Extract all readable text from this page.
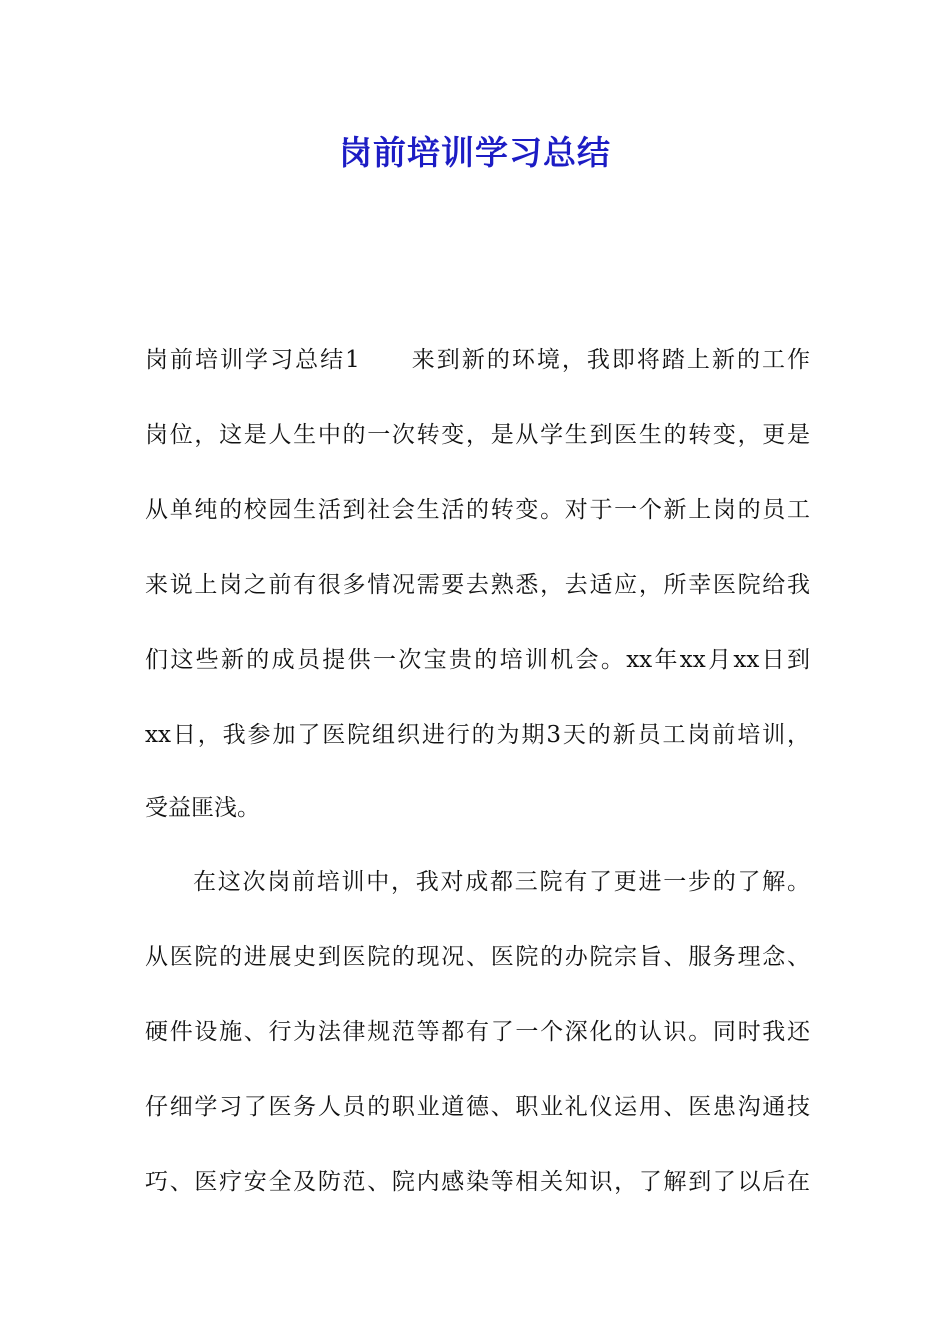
岗前培训学习总结
岗前培训学习总结1　　来到新的环境，我即将踏上新的工作
岗位，这是人生中的一次转变，是从学生到医生的转变，更是
从单纯的校园生活到社会生活的转变。对于一个新上岗的员工
来说上岗之前有很多情况需要去熟悉，去适应，所幸医院给我
们这些新的成员提供一次宝贵的培训机会。xx年xx月xx日到
xx日，我参加了医院组织进行的为期3天的新员工岗前培训，
受益匪浅。
在这次岗前培训中，我对成都三院有了更进一步的了解。
从医院的进展史到医院的现况、医院的办院宗旨、服务理念、
硬件设施、行为法律规范等都有了一个深化的认识。同时我还
仔细学习了医务人员的职业道德、职业礼仪运用、医患沟通技
巧、医疗安全及防范、院内感染等相关知识，了解到了以后在
